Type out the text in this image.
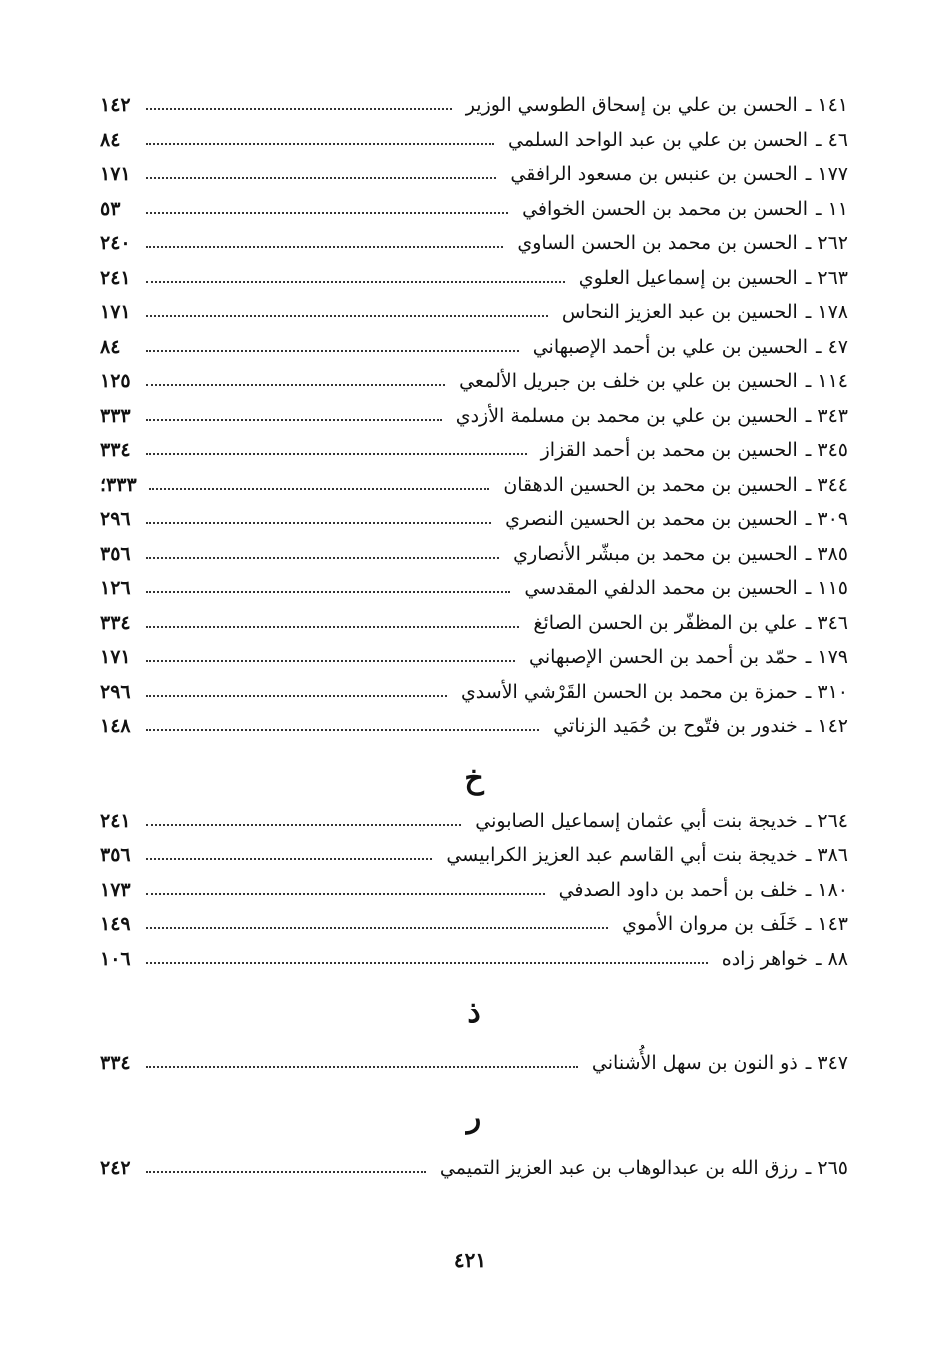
١٤١
ـ
الحسن بن علي بن إسحاق الطوسي الوزير
١٤٢
٤٦
ـ
الحسن بن علي بن عبد الواحد السلمي
٨٤
١٧٧
ـ
الحسن بن عنبس بن مسعود الرافقي
١٧١
١١
ـ
الحسن بن محمد بن الحسن الخوافي
٥٣
٢٦٢
ـ
الحسن بن محمد بن الحسن الساوي
٢٤٠
٢٦٣
ـ
الحسين بن إسماعيل العلوي
٢٤١
١٧٨
ـ
الحسين بن عبد العزيز النحاس
١٧١
٤٧
ـ
الحسين بن علي بن أحمد الإصبهاني
٨٤
١١٤
ـ
الحسين بن علي بن خلف بن جبريل الألمعي
١٢٥
٣٤٣
ـ
الحسين بن علي بن محمد بن مسلمة الأزدي
٣٣٣
٣٤٥
ـ
الحسين بن محمد بن أحمد القزاز
٣٣٤
٣٤٤
ـ
الحسين بن محمد بن الحسين الدهقان
٣٣٣؛
٣٠٩
ـ
الحسين بن محمد بن الحسين النصري
٢٩٦
٣٨٥
ـ
الحسين بن محمد بن مبشّر الأنصاري
٣٥٦
١١٥
ـ
الحسين بن محمد الدلفي المقدسي
١٢٦
٣٤٦
ـ
علي بن المظفّر بن الحسن الصائغ
٣٣٤
١٧٩
ـ
حمّد بن أحمد بن الحسن الإصبهاني
١٧١
٣١٠
ـ
حمزة بن محمد بن الحسن القَرْشي الأسدي
٢٩٦
١٤٢
ـ
خندور بن فتّوح بن حُمَيد الزناتي
١٤٨
خ
٢٦٤
ـ
خديجة بنت أبي عثمان إسماعيل الصابوني
٢٤١
٣٨٦
ـ
خديجة بنت أبي القاسم عبد العزيز الكرابيسي
٣٥٦
١٨٠
ـ
خلف بن أحمد بن داود الصدفي
١٧٣
١٤٣
ـ
خَلَف بن مروان الأموي
١٤٩
٨٨
ـ
خواهر زاده
١٠٦
ذ
٣٤٧
ـ
ذو النون بن سهل الأُشناني
٣٣٤
ر
٢٦٥
ـ
رزق الله بن عبدالوهاب بن عبد العزيز التميمي
٢٤٢
٤٢١
